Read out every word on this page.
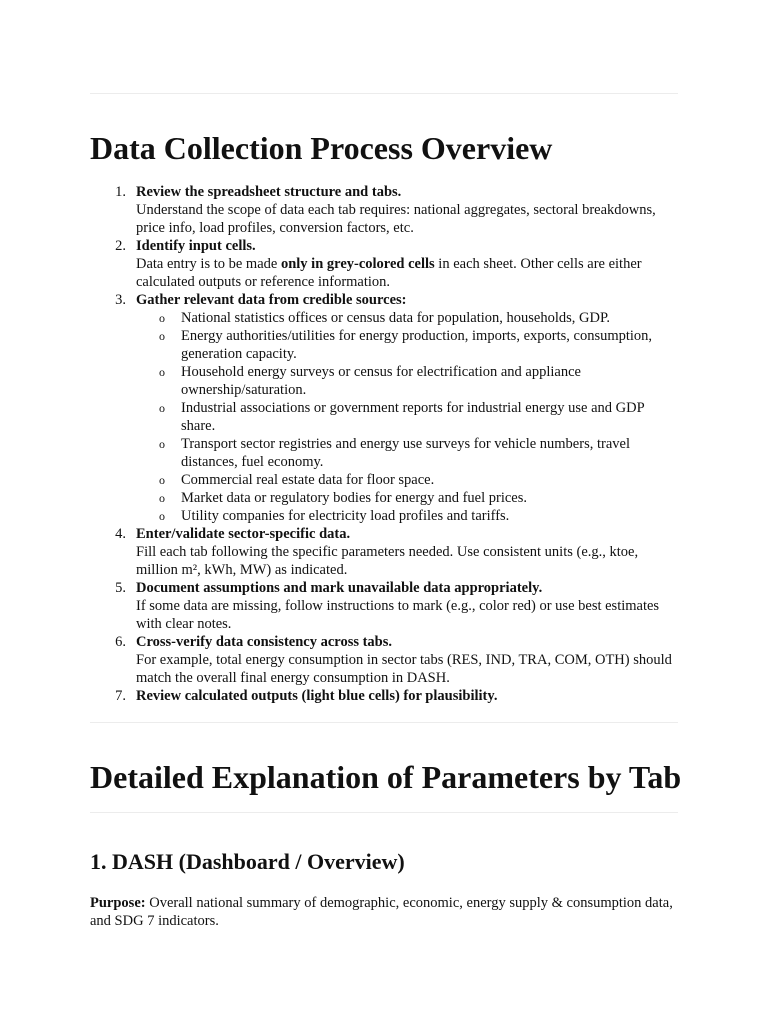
Data Collection Process Overview
1. Review the spreadsheet structure and tabs.
Understand the scope of data each tab requires: national aggregates, sectoral breakdowns, price info, load profiles, conversion factors, etc.
2. Identify input cells.
Data entry is to be made only in grey-colored cells in each sheet. Other cells are either calculated outputs or reference information.
3. Gather relevant data from credible sources:
o National statistics offices or census data for population, households, GDP.
o Energy authorities/utilities for energy production, imports, exports, consumption, generation capacity.
o Household energy surveys or census for electrification and appliance ownership/saturation.
o Industrial associations or government reports for industrial energy use and GDP share.
o Transport sector registries and energy use surveys for vehicle numbers, travel distances, fuel economy.
o Commercial real estate data for floor space.
o Market data or regulatory bodies for energy and fuel prices.
o Utility companies for electricity load profiles and tariffs.
4. Enter/validate sector-specific data.
Fill each tab following the specific parameters needed. Use consistent units (e.g., ktoe, million m², kWh, MW) as indicated.
5. Document assumptions and mark unavailable data appropriately.
If some data are missing, follow instructions to mark (e.g., color red) or use best estimates with clear notes.
6. Cross-verify data consistency across tabs.
For example, total energy consumption in sector tabs (RES, IND, TRA, COM, OTH) should match the overall final energy consumption in DASH.
7. Review calculated outputs (light blue cells) for plausibility.
Detailed Explanation of Parameters by Tab
1. DASH (Dashboard / Overview)

Purpose: Overall national summary of demographic, economic, energy supply & consumption data, and SDG 7 indicators.
